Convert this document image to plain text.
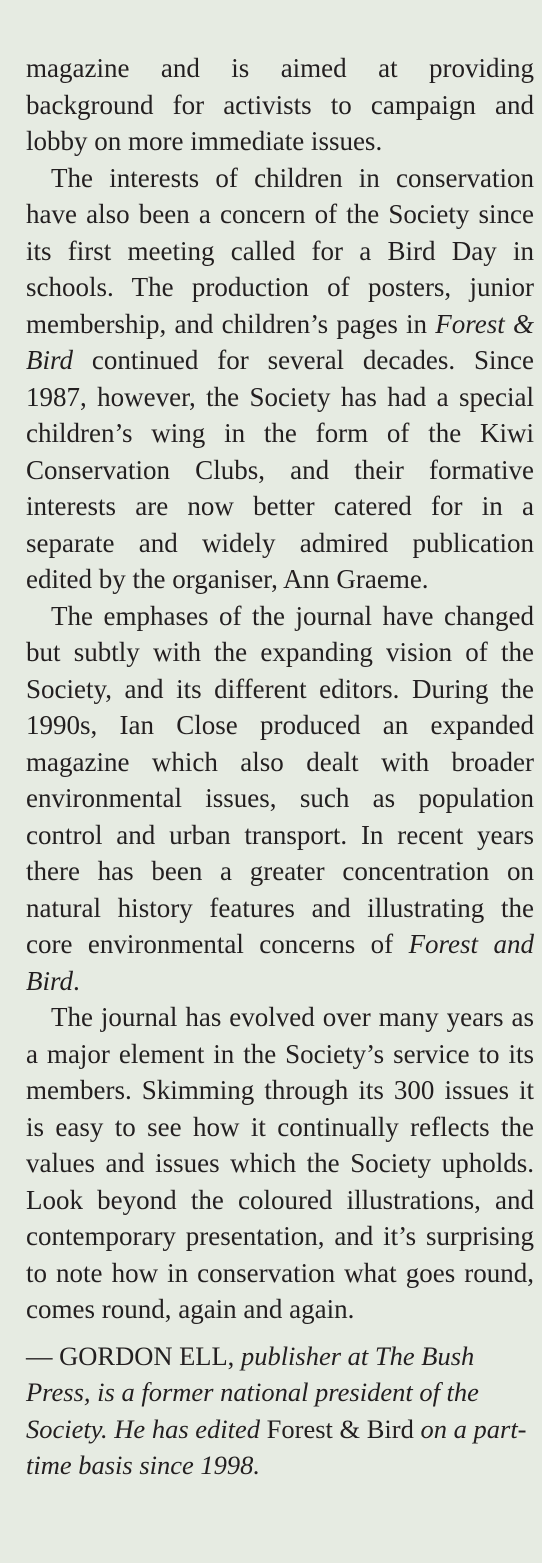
magazine and is aimed at providing background for activists to campaign and lobby on more immediate issues.

The interests of children in conservation have also been a concern of the Society since its first meeting called for a Bird Day in schools. The production of posters, junior membership, and children’s pages in Forest & Bird continued for several decades. Since 1987, however, the Society has had a special children’s wing in the form of the Kiwi Conservation Clubs, and their formative interests are now better catered for in a separate and widely admired publication edited by the organiser, Ann Graeme.

The emphases of the journal have changed but subtly with the expanding vision of the Society, and its different editors. During the 1990s, Ian Close produced an expanded magazine which also dealt with broader environmental issues, such as population control and urban transport. In recent years there has been a greater concentration on natural history features and illustrating the core environmental concerns of Forest and Bird.

The journal has evolved over many years as a major element in the Society’s service to its members. Skimming through its 300 issues it is easy to see how it continually reflects the values and issues which the Society upholds. Look beyond the coloured illustrations, and contemporary presentation, and it’s surprising to note how in conservation what goes round, comes round, again and again.

— GORDON ELL, publisher at The Bush Press, is a former national president of the Society. He has edited Forest & Bird on a part-time basis since 1998.
